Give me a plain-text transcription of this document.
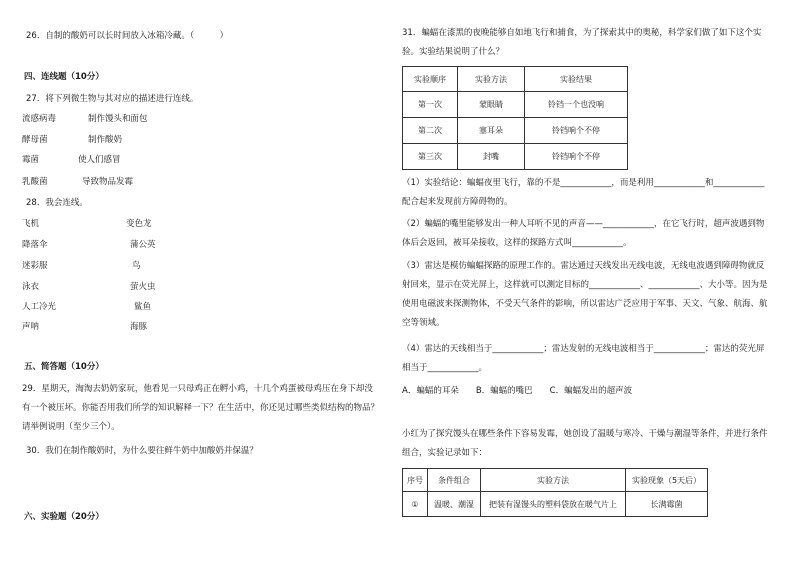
26．自制的酸奶可以长时间放入冰箱冷藏。（　　　）
四、连线题（10分）
27．将下列微生物与其对应的描述进行连线。
流感病毒	制作馒头和面包
酵母菌	制作酸奶
霉菌	使人们感冒
乳酸菌	导致物品发霉
28．我会连线。
飞机	变色龙
降落伞	蒲公英
迷彩服	鸟
泳衣	萤火虫
人工冷光	鲨鱼
声呐	海豚
五、简答题（10分）
29．星期天，淘淘去奶奶家玩，他看见一只母鸡正在孵小鸡，十几个鸡蛋被母鸡压在身下却没有一个被压坏。你能否用我们所学的知识解释一下？在生活中，你还见过哪些类似结构的物品？请举例说明（至少三个）。
30．我们在制作酸奶时，为什么要往鲜牛奶中加酸奶并保温？
六、实验题（20分）
31．蝙蝠在漆黑的夜晚能够自如地飞行和捕食，为了探索其中的奥秘，科学家们做了如下这个实验。实验结果说明了什么？
实验顺序	实验方法	实验结果
第一次	蒙眼睛	铃铛一个也没响
第二次	塞耳朵	铃铛响个不停
第三次	封嘴	铃铛响个不停
（1）实验结论：蝙蝠夜里飞行，靠的不是____________，而是利用____________和____________配合起来发现前方障碍物的。
（2）蝙蝠的嘴里能够发出一种人耳听不见的声音——____________，在它飞行时，超声波遇到物体后会返回，被耳朵接收，这样的探路方式叫____________。
（3）雷达是模仿蝙蝠探路的原理工作的。雷达通过天线发出无线电波，无线电波遇到障碍物就反射回来，显示在荧光屏上，这样就可以测定目标的____________、____________、大小等。因为是使用电磁波来探测物体，不受天气条件的影响，所以雷达广泛应用于军事、天文、气象、航海、航空等领域。
（4）雷达的天线相当于____________；雷达发射的无线电波相当于____________；雷达的荧光屏相当于____________。
A．蝙蝠的耳朵　　B．蝙蝠的嘴巴　　C．蝙蝠发出的超声波
小红为了探究馒头在哪些条件下容易发霉，她创设了温暖与寒冷、干燥与潮湿等条件，并进行条件组合，实验记录如下：
序号	条件组合	实验方法	实验现象（5天后）
①	温暖、潮湿	把装有湿馒头的塑料袋放在暖气片上	长满霉菌
